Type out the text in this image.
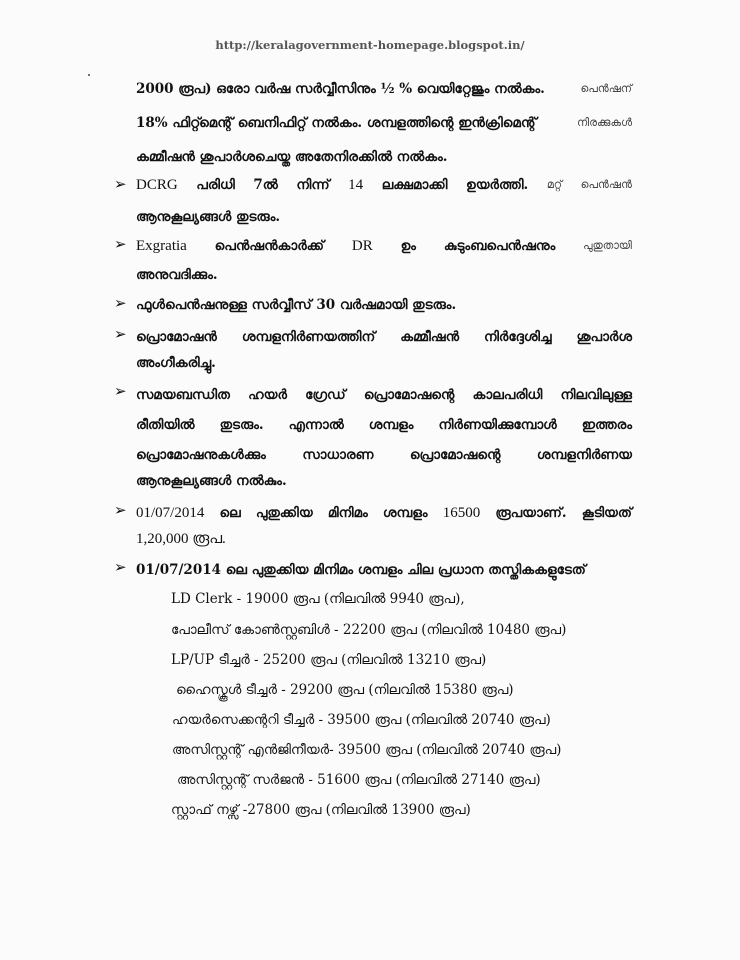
http://keralagovernment-homepage.blogspot.in/
2000 രൂപ) ഒരോ വർഷ സർവ്വീസിനും ½ % വെയിറ്റേജും നൽകം.	പെൻഷന്
18% ഫിറ്റ്മെന്റ് ബെനിഫിറ്റ് നൽകം. ശമ്പളത്തിന്റെ ഇൻക്രിമെന്റ്	നിരക്കുകൾ
കമ്മീഷൻ ശുപാർശചെയ്ത അതേനിരക്കിൽ നൽകം.
➢ DCRG പരിധി 7ൽ നിന്ന് 14 ലക്ഷമാക്കി ഉയർത്തി. മറ്റ് പെൻഷൻ
ആനുകൂല്യങ്ങൾ തുടരും.
➢ Exgratia പെൻഷൻകാർക്ക് DR ഉം കുടുംബപെൻഷനും	പുതുതായി
അനുവദിക്കും.
➢ ഫുൾപെൻഷനുള്ള സർവ്വീസ് 30 വർഷമായി തുടരും.
➢ പ്രൊമോഷൻ ശമ്പളനിർണയത്തിന് കമ്മീഷൻ നിർദ്ദേശിച്ച ശുപാർശ
അംഗീകരിച്ചു.
➢ സമയബന്ധിത ഹയർ ഗ്രേഡ് പ്രൊമോഷന്റെ കാലപരിധി നിലവിലുള്ള
രീതിയിൽ തുടരും. എന്നാൽ ശമ്പളം നിർണയിക്കുമ്പോൾ ഇത്തരം
പ്രൊമോഷനുകൾക്കും	സാധാരണ	പ്രൊമോഷന്റെ	ശമ്പളനിർണയ
ആനുകൂല്യങ്ങൾ നൽകും.
➢ 01/07/2014 ലെ പുതുക്കിയ മിനിമം ശമ്പളം 16500 രൂപയാണ്. കൂടിയത്
1,20,000 രൂപ.
➢ 01/07/2014 ലെ പുതുക്കിയ മിനിമം ശമ്പളം ചില പ്രധാന തസ്തികകളുടേത്
LD Clerk - 19000 രൂപ (നിലവിൽ 9940 രൂപ),
പോലീസ് കോൺസ്റ്റബിൾ - 22200 രൂപ (നിലവിൽ 10480 രൂപ)
LP/UP ടീച്ചർ - 25200 രൂപ (നിലവിൽ 13210 രൂപ)
ഹൈസ്കൂൾ ടീച്ചർ - 29200 രൂപ (നിലവിൽ 15380 രൂപ)
ഹയർസെക്കന്ററി ടീച്ചർ - 39500 രൂപ (നിലവിൽ 20740 രൂപ)
അസിസ്റ്റന്റ് എൻജിനീയർ- 39500 രൂപ (നിലവിൽ 20740 രൂപ)
അസിസ്റ്റന്റ് സർജൻ - 51600 രൂപ (നിലവിൽ 27140 രൂപ)
സ്റ്റാഫ് നഴ്സ് -27800 രൂപ (നിലവിൽ 13900 രൂപ)
